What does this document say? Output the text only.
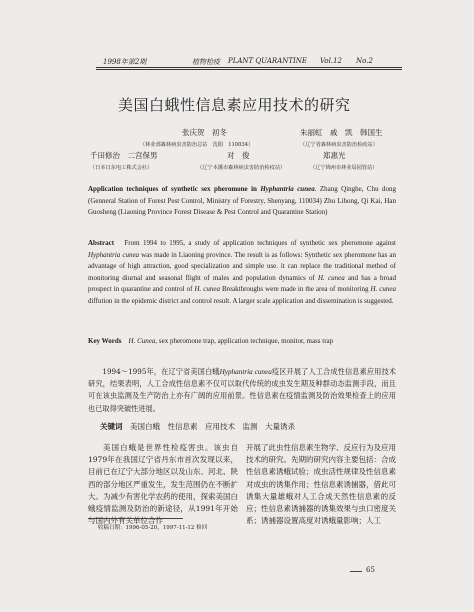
1998年第2期	植物检疫 PLANT QUARANTINE Vol.12 No.2
美国白蛾性信息素应用技术的研究
张庆贺　初冬	朱丽虹　戚　凯　韩国生
（林业部森林病虫害防治总站　沈阳　110034）	（辽宁省森林病虫害防治检疫站）
千田修治　二宫保男	对　俊	郑惠光
（日本日东电工株式会社）	（辽宁本溪市森林病虫害防治检疫站）	（辽宁锦州市林业局园管站）
Application techniques of synthetic sex pheromone in Hyphantria cunea. Zhang Qinghe, Chu dong (Genneral Station of Forest Pest Control, Ministry of Forestry, Shenyang, 110034) Zhu Lihong, Qi Kai, Han Guosheng (Liaoning Province Forest Disease & Pest Control and Quarantine Station)
Abstract　From 1994 to 1995, a study of application techniques of synthetic sex pheromone against Hyphantria cunea was made in Liaoning province. The result is as follows: Synthetic sex pheromone has an advantage of high attraction, good specialization and simple use. it can replace the traditional method of monitoring diurnal and seasonal flight of males and population dynamics of H. cunea and has a broad prospect in quarantine and control of H. cunea Breakthroughs were made in the area of monitoring H. cunea diffution in the epidemic district and control result. A larger scale application and dissemination is suggested.
Key Words　 H. Cunea, sex pheromone trap, application technique, monitor, mass trap
1994～1995年，在辽宁省美国白蛾Hyphantria cunea疫区开展了人工合成性信息素应用技术研究，结果表明，人工合成性信息素不仅可以取代传统的成虫发生期及种群动态监测手段，而且可在该虫监测及生产防治上亦有广阔的应用前景。性信息素在疫情监测及防治效果检查上的应用也已取得突破性进展。
关键词　 美国白蛾　性信息素　应用技术　监测　大量诱杀
美国白蛾是世界性检疫害虫。该虫自1979年在我国辽宁省丹东市首次发现以来，目前已在辽宁大部分地区以及山东、河北、陕西的部分地区严重发生，发生范围仍在不断扩大。为减少有害化学农药的使用，探索美国白蛾疫情监测及防治的新途径，从1991年开始与国内外有关单位合作
开展了此虫性信息素生物学、反应行为及应用技术的研究。先期的研究内容主要包括：合成性信息素诱蛾试验；成虫活性规律及性信息素对成虫的诱集作用；性信息素诱捕器，借此可诱集大量雄蛾对人工合成天然性信息素的反应；性信息素诱捕器的诱集效果与虫口密度关系；诱捕器设置高度对诱蛾量影响；人工
收稿日期：1996-05-20，1997-11-12 修回
65
